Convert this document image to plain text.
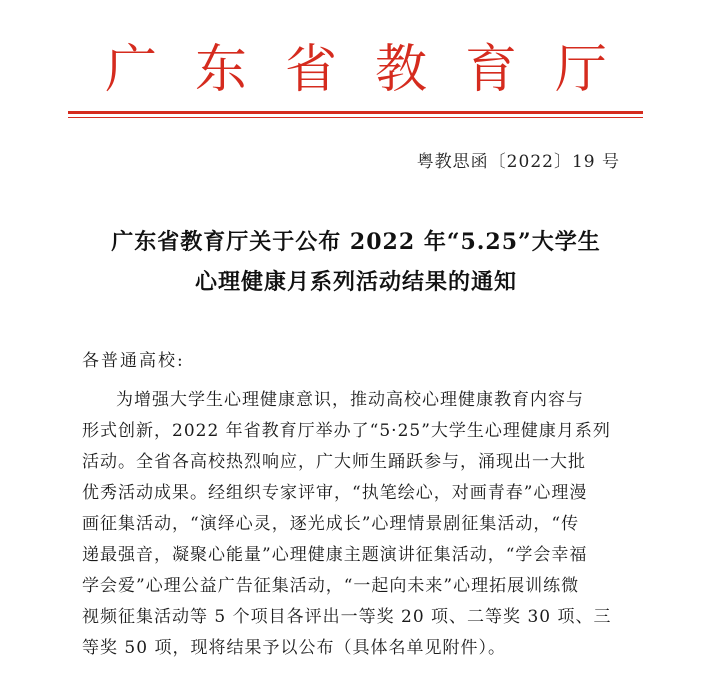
广 东 省 教 育 厅
粤教思函〔2022〕19 号
广东省教育厅关于公布 2022 年“5.25”大学生
心理健康月系列活动结果的通知
各普通高校:
为增强大学生心理健康意识，推动高校心理健康教育内容与
形式创新，2022 年省教育厅举办了“5·25”大学生心理健康月系列
活动。全省各高校热烈响应，广大师生踊跃参与，涌现出一大批
优秀活动成果。经组织专家评审，“执笔绘心，对画青春”心理漫
画征集活动，“演绎心灵，逐光成长”心理情景剧征集活动，“传
递最强音，凝聚心能量”心理健康主题演讲征集活动，“学会幸福
学会爱”心理公益广告征集活动，“一起向未来”心理拓展训练微
视频征集活动等 5 个项目各评出一等奖 20 项、二等奖 30 项、三
等奖 50 项，现将结果予以公布（具体名单见附件）。
